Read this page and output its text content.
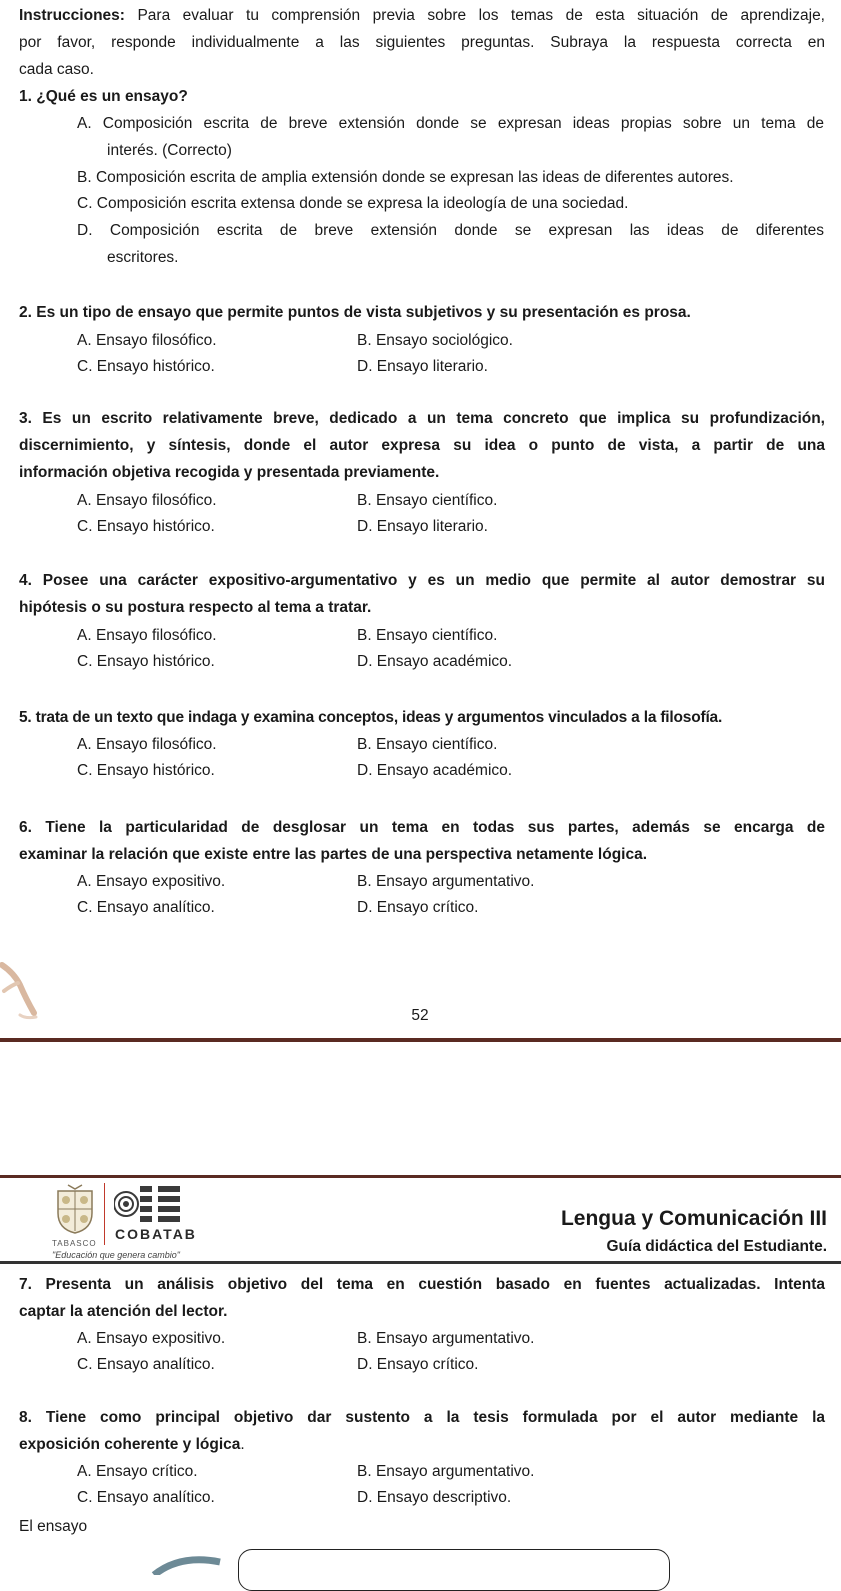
Instrucciones: Para evaluar tu comprensión previa sobre los temas de esta situación de aprendizaje,

por favor, responde individualmente a las siguientes preguntas. Subraya la respuesta correcta en

cada caso.

1. ¿Qué es un ensayo?

A. Composición escrita de breve extensión donde se expresan ideas propias sobre un tema de

interés. (Correcto)

B. Composición escrita de amplia extensión donde se expresan las ideas de diferentes autores.

C. Composición escrita extensa donde se expresa la ideología de una sociedad.

D. Composición escrita de breve extensión donde se expresan las ideas de diferentes

escritores.

2. Es un tipo de ensayo que permite puntos de vista subjetivos y su presentación es prosa.

A. Ensayo filosófico.	B. Ensayo sociológico.
C. Ensayo histórico.	D. Ensayo literario.

3. Es un escrito relativamente breve, dedicado a un tema concreto que implica su profundización,

discernimiento, y síntesis, donde el autor expresa su idea o punto de vista, a partir de una

información objetiva recogida y presentada previamente.

A. Ensayo filosófico.	B. Ensayo científico.
C. Ensayo histórico.	D. Ensayo literario.

4. Posee una carácter expositivo-argumentativo y es un medio que permite al autor demostrar su

hipótesis o su postura respecto al tema a tratar.

A. Ensayo filosófico.	B. Ensayo científico.
C. Ensayo histórico.	D. Ensayo académico.

5. trata de un texto que indaga y examina conceptos, ideas y argumentos vinculados a la filosofía.

A. Ensayo filosófico.	B. Ensayo científico.
C. Ensayo histórico.	D. Ensayo académico.

6. Tiene la particularidad de desglosar un tema en todas sus partes, además se encarga de

examinar la relación que existe entre las partes de una perspectiva netamente lógica.

A. Ensayo expositivo.	B. Ensayo argumentativo.
C. Ensayo analítico.	D. Ensayo crítico.
52
TABASCO
COBATAB
"Educación que genera cambio"
Lengua y Comunicación III
Guía didáctica del Estudiante.

7. Presenta un análisis objetivo del tema en cuestión basado en fuentes actualizadas. Intenta

captar la atención del lector.

A. Ensayo expositivo.	B. Ensayo argumentativo.
C. Ensayo analítico.	D. Ensayo crítico.

8. Tiene como principal objetivo dar sustento a la tesis formulada por el autor mediante la

exposición coherente y lógica.

A. Ensayo crítico.	B. Ensayo argumentativo.
C. Ensayo analítico.	D. Ensayo descriptivo.

El ensayo
